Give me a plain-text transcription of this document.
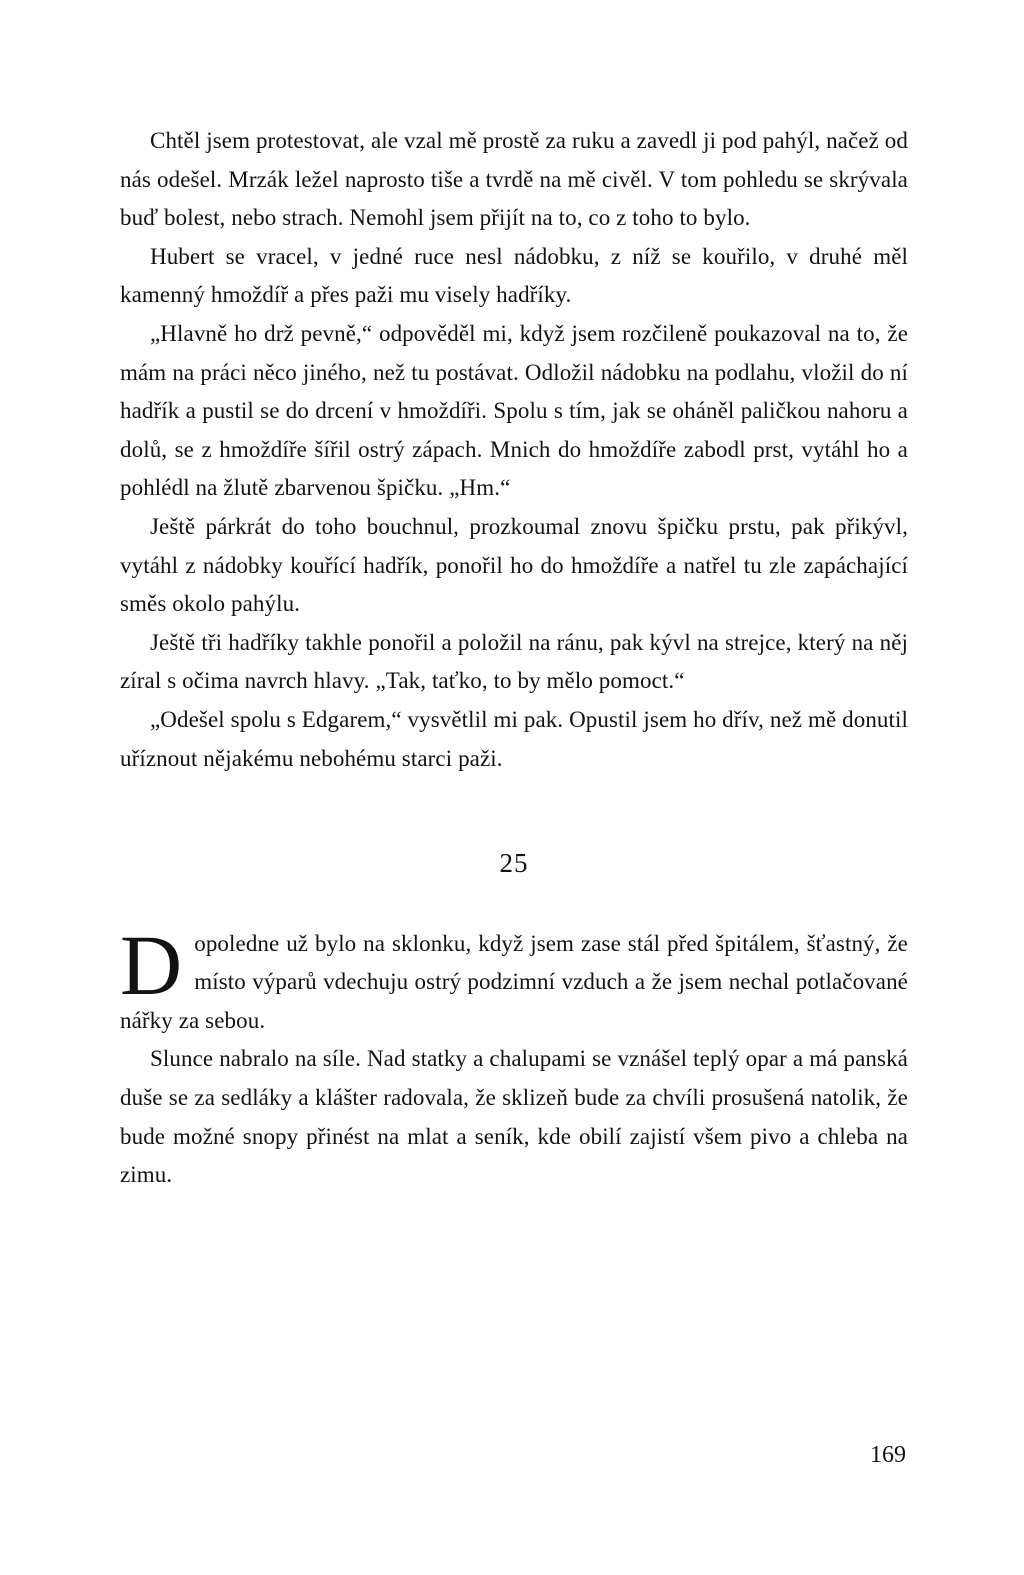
Chtěl jsem protestovat, ale vzal mě prostě za ruku a zavedl ji pod pahýl, načež od nás odešel. Mrzák ležel naprosto tiše a tvrdě na mě civěl. V tom pohledu se skrývala buď bolest, nebo strach. Nemohl jsem přijít na to, co z toho to bylo.

Hubert se vracel, v jedné ruce nesl nádobku, z níž se kouřilo, v druhé měl kamenný hmoždíř a přes paži mu visely hadříky.

„Hlavně ho drž pevně,“ odpověděl mi, když jsem rozčileně poukazoval na to, že mám na práci něco jiného, než tu postávat. Odložil nádobku na podlahu, vložil do ní hadřík a pustil se do drcení v hmoždíři. Spolu s tím, jak se oháněl paličkou nahoru a dolů, se z hmoždíře šířil ostrý zápach. Mnich do hmoždíře zabodl prst, vytáhl ho a pohlédl na žlutě zbarvenou špičku. „Hm.“

Ještě párkrát do toho bouchnul, prozkoumal znovu špičku prstu, pak přikývl, vytáhl z nádobky kouřící hadřík, ponořil ho do hmoždíře a natřel tu zle zapáchající směs okolo pahýlu.

Ještě tři hadříky takhle ponořil a položil na ránu, pak kývl na strejce, který na něj zíral s očima navrch hlavy. „Tak, taťko, to by mělo pomoct.“

„Odešel spolu s Edgarem,“ vysvětlil mi pak. Opustil jsem ho dřív, než mě donutil uříznout nějakému nebohému starci paži.

25

Dopoledne už bylo na sklonku, když jsem zase stál před špitálem, šťastný, že místo výparů vdechuju ostrý podzimní vzduch a že jsem nechal potlačované nářky za sebou.

Slunce nabralo na síle. Nad statky a chalupami se vznášel teplý opar a má panská duše se za sedláky a klášter radovala, že sklizeň bude za chvíli prosušená natolik, že bude možné snopy přinést na mlat a seník, kde obilí zajistí všem pivo a chleba na zimu.

169
